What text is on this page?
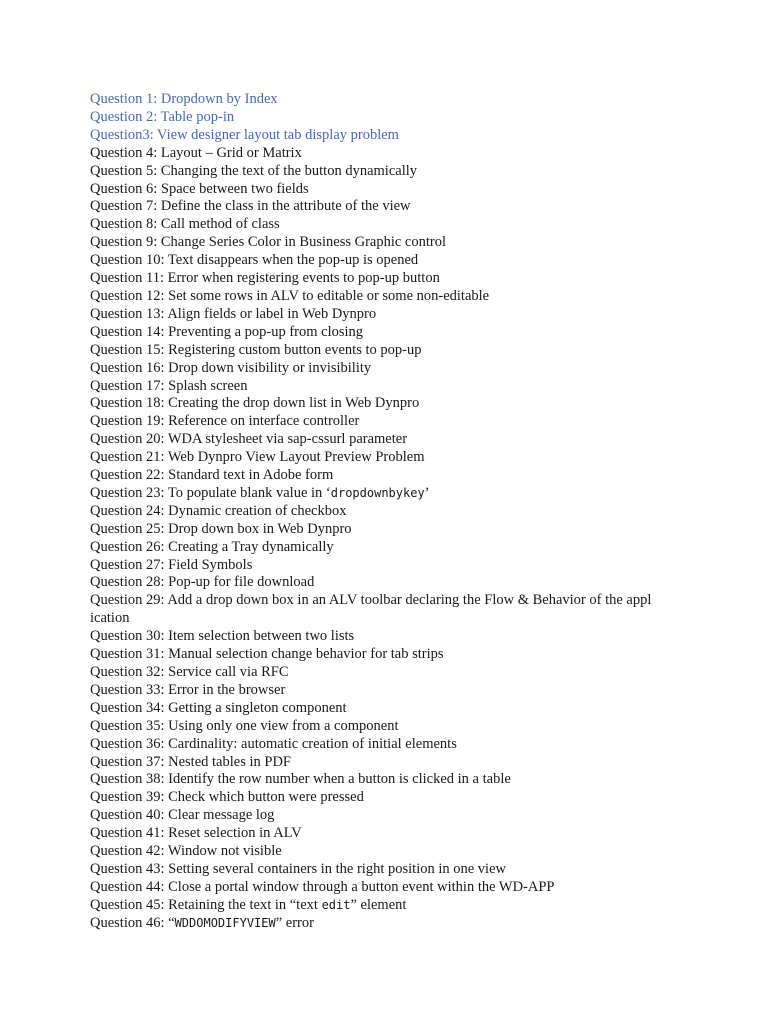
Question 1: Dropdown by Index
Question 2: Table pop-in
Question3: View designer layout tab display problem
Question 4: Layout – Grid or Matrix
Question 5: Changing the text of the button dynamically
Question 6: Space between two fields
Question 7: Define the class in the attribute of the view
Question 8: Call method of class
Question 9: Change Series Color in Business Graphic control
Question 10: Text disappears when the pop-up is opened
Question 11: Error when registering events to pop-up button
Question 12: Set some rows in ALV to editable or some non-editable
Question 13: Align fields or label in Web Dynpro
Question 14: Preventing a pop-up from closing
Question 15: Registering custom button events to pop-up
Question 16: Drop down visibility or invisibility
Question 17: Splash screen
Question 18: Creating the drop down list in Web Dynpro
Question 19: Reference on interface controller
Question 20: WDA stylesheet via sap-cssurl parameter
Question 21: Web Dynpro View Layout Preview Problem
Question 22: Standard text in Adobe form
Question 23: To populate blank value in ‘dropdownbykey’
Question 24: Dynamic creation of checkbox
Question 25: Drop down box in Web Dynpro
Question 26: Creating a Tray dynamically
Question 27: Field Symbols
Question 28: Pop-up for file download
Question 29: Add a drop down box in an ALV toolbar declaring the Flow & Behavior of the appl
ication
Question 30: Item selection between two lists
Question 31: Manual selection change behavior for tab strips
Question 32: Service call via RFC
Question 33: Error in the browser
Question 34: Getting a singleton component
Question 35: Using only one view from a component
Question 36: Cardinality: automatic creation of initial elements
Question 37: Nested tables in PDF
Question 38: Identify the row number when a button is clicked in a table
Question 39: Check which button were pressed
Question 40: Clear message log
Question 41: Reset selection in ALV
Question 42: Window not visible
Question 43: Setting several containers in the right position in one view
Question 44: Close a portal window through a button event within the WD-APP
Question 45: Retaining the text in “text edit” element
Question 46: “WDDOMODIFYVIEW” error
